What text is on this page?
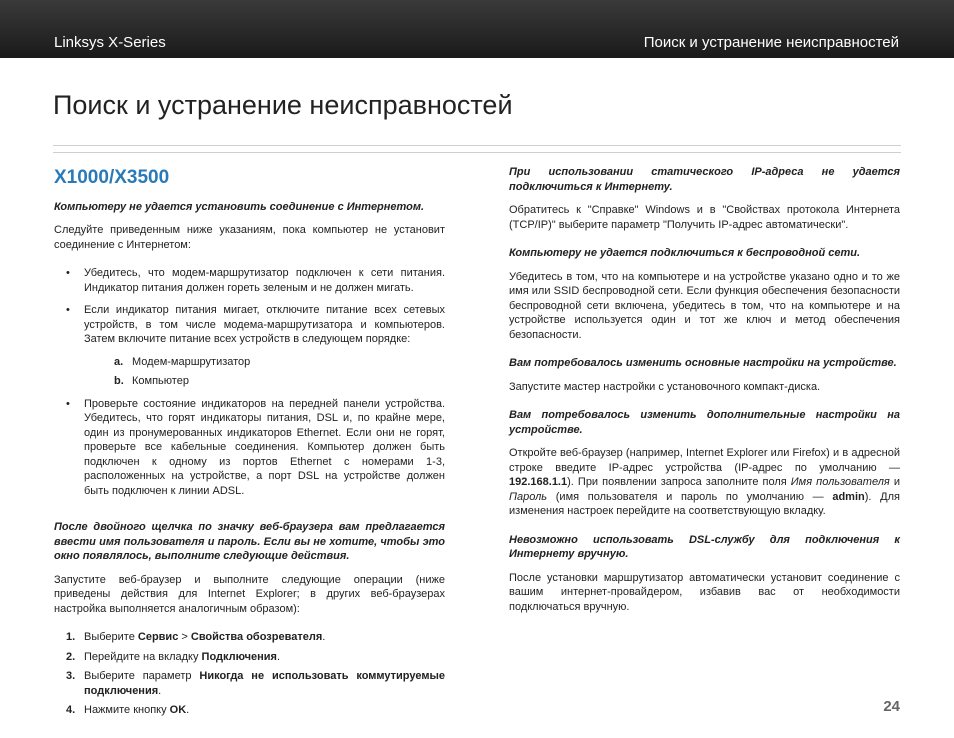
Linksys X-Series	Поиск и устранение неисправностей
Поиск и устранение неисправностей
X1000/X3500
Компьютеру не удается установить соединение с Интернетом.

Следуйте приведенным ниже указаниям, пока компьютер не установит соединение с Интернетом:

• Убедитесь, что модем-маршрутизатор подключен к сети питания. Индикатор питания должен гореть зеленым и не должен мигать.
• Если индикатор питания мигает, отключите питание всех сетевых устройств, в том числе модема-маршрутизатора и компьютеров. Затем включите питание всех устройств в следующем порядке:
a. Модем-маршрутизатор
b. Компьютер
• Проверьте состояние индикаторов на передней панели устройства. Убедитесь, что горят индикаторы питания, DSL и, по крайне мере, один из пронумерованных индикаторов Ethernet. Если они не горят, проверьте все кабельные соединения. Компьютер должен быть подключен к одному из портов Ethernet с номерами 1-3, расположенных на устройстве, а порт DSL на устройстве должен быть подключен к линии ADSL.
После двойного щелчка по значку веб-браузера вам предлагается ввести имя пользователя и пароль. Если вы не хотите, чтобы это окно появлялось, выполните следующие действия.

Запустите веб-браузер и выполните следующие операции (ниже приведены действия для Internet Explorer; в других веб-браузерах настройка выполняется аналогичным образом):

1. Выберите Сервис > Свойства обозревателя.
2. Перейдите на вкладку Подключения.
3. Выберите параметр Никогда не использовать коммутируемые подключения.
4. Нажмите кнопку OK.
При использовании статического IP-адреса не удается подключиться к Интернету.

Обратитесь к "Справке" Windows и в "Свойствах протокола Интернета (TCP/IP)" выберите параметр "Получить IP-адрес автоматически".

Компьютеру не удается подключиться к беспроводной сети.

Убедитесь в том, что на компьютере и на устройстве указано одно и то же имя или SSID беспроводной сети. Если функция обеспечения безопасности беспроводной сети включена, убедитесь в том, что на компьютере и на устройстве используется один и тот же ключ и метод обеспечения безопасности.

Вам потребовалось изменить основные настройки на устройстве.

Запустите мастер настройки с установочного компакт-диска.

Вам потребовалось изменить дополнительные настройки на устройстве.

Откройте веб-браузер (например, Internet Explorer или Firefox) и в адресной строке введите IP-адрес устройства (IP-адрес по умолчанию — 192.168.1.1). При появлении запроса заполните поля Имя пользователя и Пароль (имя пользователя и пароль по умолчанию — admin). Для изменения настроек перейдите на соответствующую вкладку.

Невозможно использовать DSL-службу для подключения к Интернету вручную.

После установки маршрутизатор автоматически установит соединение с вашим интернет-провайдером, избавив вас от необходимости подключаться вручную.

24
